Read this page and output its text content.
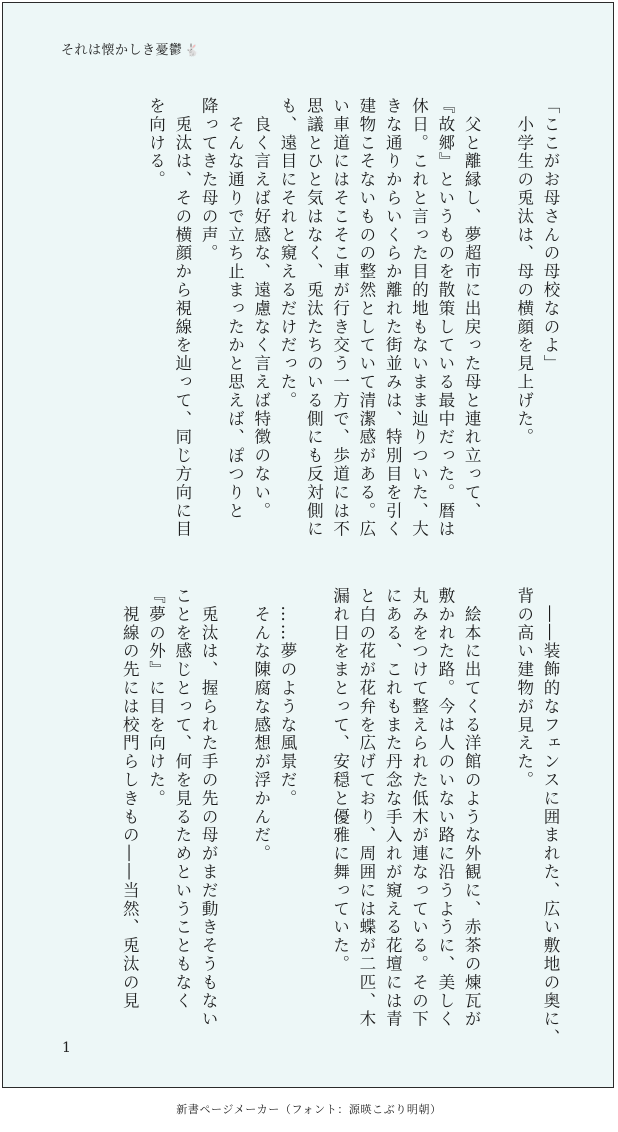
それは懐かしき憂鬱 🐇
「ここがお母さんの母校なのよ」
　小学生の兎汰は、母の横顔を見上げた。
　父と離縁し、夢超市に出戻った母と連れ立って、
『故郷』というものを散策している最中だった。暦は
休日。これと言った目的地もないまま辿りついた、大
きな通りからいくらか離れた街並みは、特別目を引く
建物こそないものの整然としていて清潔感がある。広
い車道にはそこそこ車が行き交う一方で、歩道には不
思議とひと気はなく、兎汰たちのいる側にも反対側に
も、遠目にそれと窺えるだけだった。
　良く言えば好感な、遠慮なく言えば特徴のない。
　そんな通りで立ち止まったかと思えば、ぽつりと
降ってきた母の声。
　兎汰は、その横顔から視線を辿って、同じ方向に目
を向ける。
　――装飾的なフェンスに囲まれた、広い敷地の奥に、
背の高い建物が見えた。
　絵本に出てくる洋館のような外観に、赤茶の煉瓦が
敷かれた路。今は人のいない路に沿うように、美しく
丸みをつけて整えられた低木が連なっている。その下
にある、これもまた丹念な手入れが窺える花壇には青
と白の花が花弁を広げており、周囲には蝶が二匹、木
漏れ日をまとって、安穏と優雅に舞っていた。
　……夢のような風景だ。
　そんな陳腐な感想が浮かんだ。
　兎汰は、握られた手の先の母がまだ動きそうもない
ことを感じとって、何を見るためということもなく
『夢の外』に目を向けた。
　視線の先には校門らしきもの――当然、兎汰の見
1
新書ページメーカー（フォント：源暎こぶり明朝）
